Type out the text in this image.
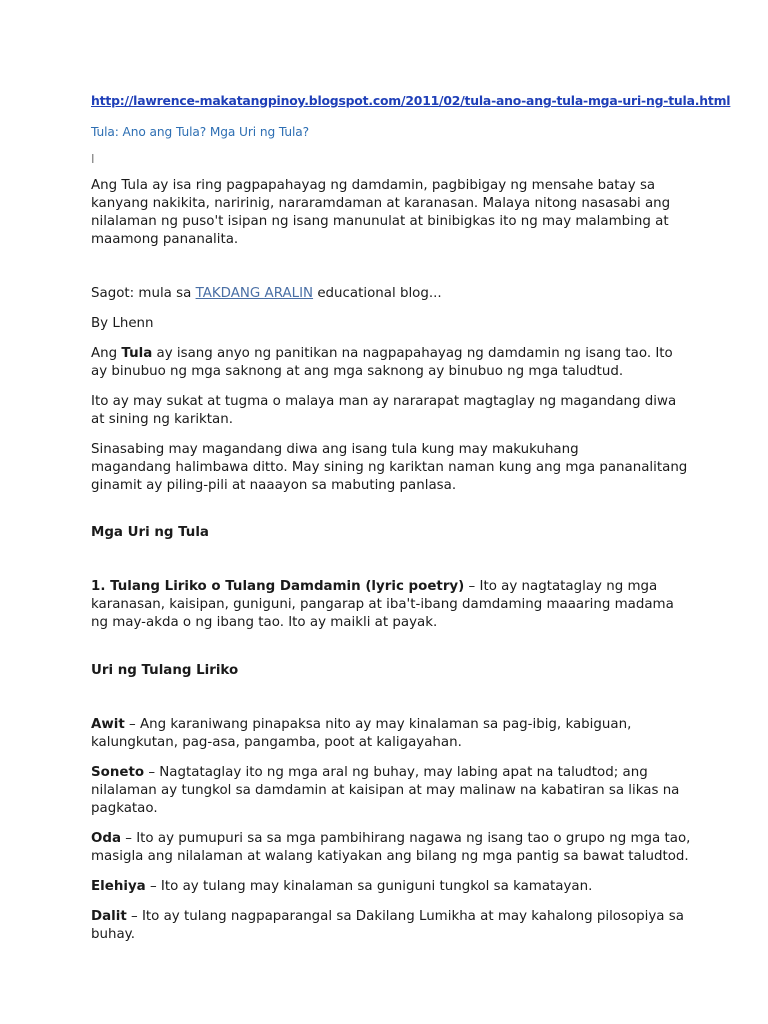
http://lawrence-makatangpinoy.blogspot.com/2011/02/tula-ano-ang-tula-mga-uri-ng-tula.html
Tula: Ano ang Tula? Mga Uri ng Tula?
I

Ang Tula ay isa ring pagpapahayag ng damdamin, pagbibigay ng mensahe batay sa kanyang nakikita, naririnig, nararamdaman at karanasan. Malaya nitong nasasabi ang nilalaman ng puso't isipan ng isang manunulat at binibigkas ito ng may malambing at maamong pananalita.

Sagot: mula sa TAKDANG ARALIN educational blog...

By Lhenn

Ang Tula ay isang anyo ng panitikan na nagpapahayag ng damdamin ng isang tao. Ito ay binubuo ng mga saknong at ang mga saknong ay binubuo ng mga taludtud.

Ito ay may sukat at tugma o malaya man ay nararapat magtaglay ng magandang diwa at sining ng kariktan.

Sinasabing may magandang diwa ang isang tula kung may makukuhang
magandang halimbawa ditto. May sining ng kariktan naman kung ang mga pananalitang ginamit ay piling-pili at naaayon sa mabuting panlasa.

Mga Uri ng Tula

1. Tulang Liriko o Tulang Damdamin (lyric poetry) – Ito ay nagtataglay ng mga karanasan, kaisipan, guniguni, pangarap at iba't-ibang damdaming maaaring madama ng may-akda o ng ibang tao. Ito ay maikli at payak.

Uri ng Tulang Liriko

Awit – Ang karaniwang pinapaksa nito ay may kinalaman sa pag-ibig, kabiguan, kalungkutan, pag-asa, pangamba, poot at kaligayahan.

Soneto – Nagtataglay ito ng mga aral ng buhay, may labing apat na taludtod; ang nilalaman ay tungkol sa damdamin at kaisipan at may malinaw na kabatiran sa likas na pagkatao.

Oda – Ito ay pumupuri sa sa mga pambihirang nagawa ng isang tao o grupo ng mga tao, masigla ang nilalaman at walang katiyakan ang bilang ng mga pantig sa bawat taludtod.

Elehiya – Ito ay tulang may kinalaman sa guniguni tungkol sa kamatayan.

Dalit – Ito ay tulang nagpaparangal sa Dakilang Lumikha at may kahalong pilosopiya sa buhay.
